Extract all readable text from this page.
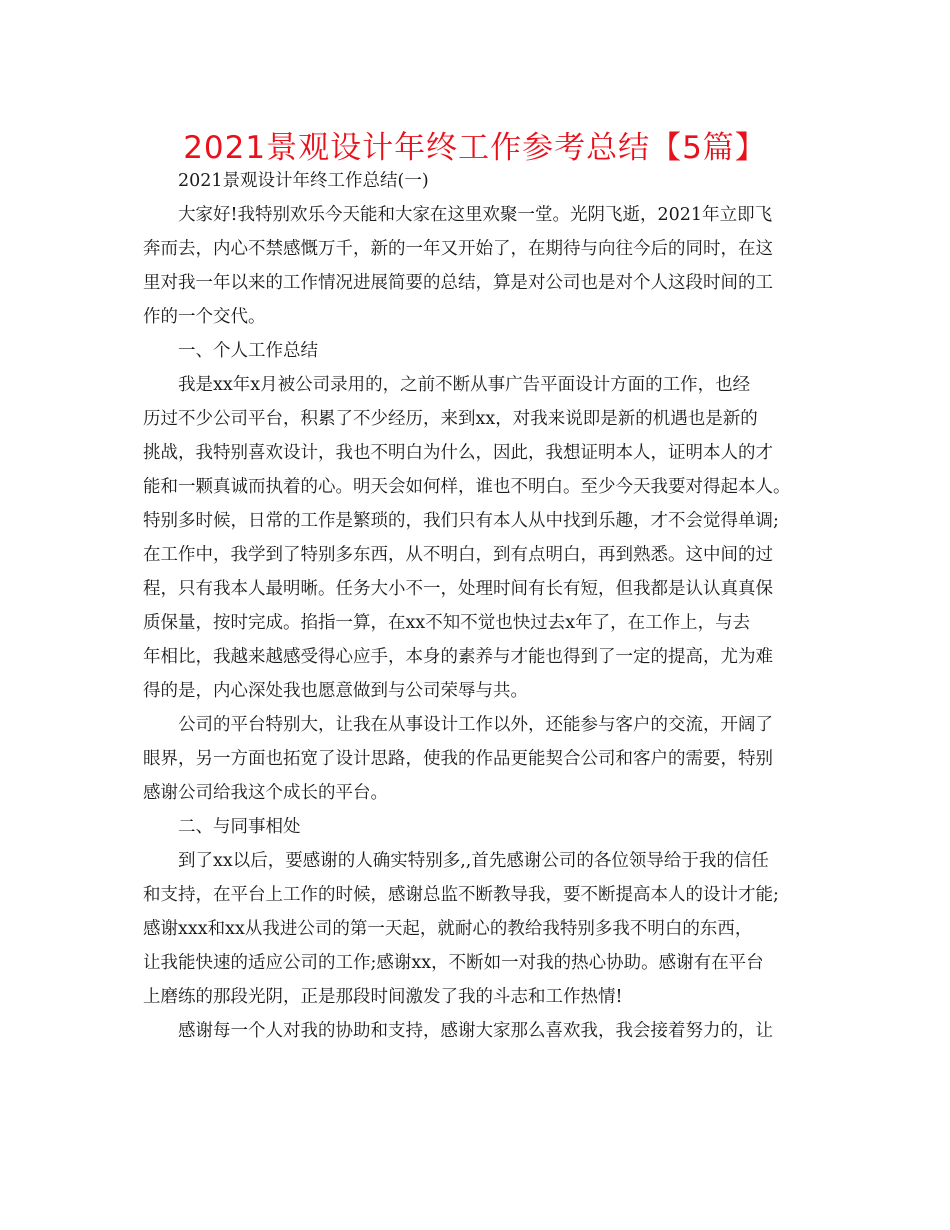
2021景观设计年终工作参考总结【5篇】
2021景观设计年终工作总结(一)
大家好!我特别欢乐今天能和大家在这里欢聚一堂。光阴飞逝，2021年立即飞
奔而去，内心不禁感慨万千，新的一年又开始了，在期待与向往今后的同时，在这
里对我一年以来的工作情况进展简要的总结，算是对公司也是对个人这段时间的工
作的一个交代。
一、个人工作总结
我是xx年x月被公司录用的，之前不断从事广告平面设计方面的工作，也经
历过不少公司平台，积累了不少经历，来到xx，对我来说即是新的机遇也是新的
挑战，我特别喜欢设计，我也不明白为什么，因此，我想证明本人，证明本人的才
能和一颗真诚而执着的心。明天会如何样，谁也不明白。至少今天我要对得起本人。
特别多时候，日常的工作是繁琐的，我们只有本人从中找到乐趣，才不会觉得单调;
在工作中，我学到了特别多东西，从不明白，到有点明白，再到熟悉。这中间的过
程，只有我本人最明晰。任务大小不一，处理时间有长有短，但我都是认认真真保
质保量，按时完成。掐指一算，在xx不知不觉也快过去x年了，在工作上，与去
年相比，我越来越感受得心应手，本身的素养与才能也得到了一定的提高，尤为难
得的是，内心深处我也愿意做到与公司荣辱与共。
公司的平台特别大，让我在从事设计工作以外，还能参与客户的交流，开阔了
眼界，另一方面也拓宽了设计思路，使我的作品更能契合公司和客户的需要，特别
感谢公司给我这个成长的平台。
二、与同事相处
到了xx以后，要感谢的人确实特别多,,首先感谢公司的各位领导给于我的信任
和支持，在平台上工作的时候，感谢总监不断教导我，要不断提高本人的设计才能;
感谢xxx和xx从我进公司的第一天起，就耐心的教给我特别多我不明白的东西，
让我能快速的适应公司的工作;感谢xx，不断如一对我的热心协助。感谢有在平台
上磨练的那段光阴，正是那段时间激发了我的斗志和工作热情!
感谢每一个人对我的协助和支持，感谢大家那么喜欢我，我会接着努力的，让
